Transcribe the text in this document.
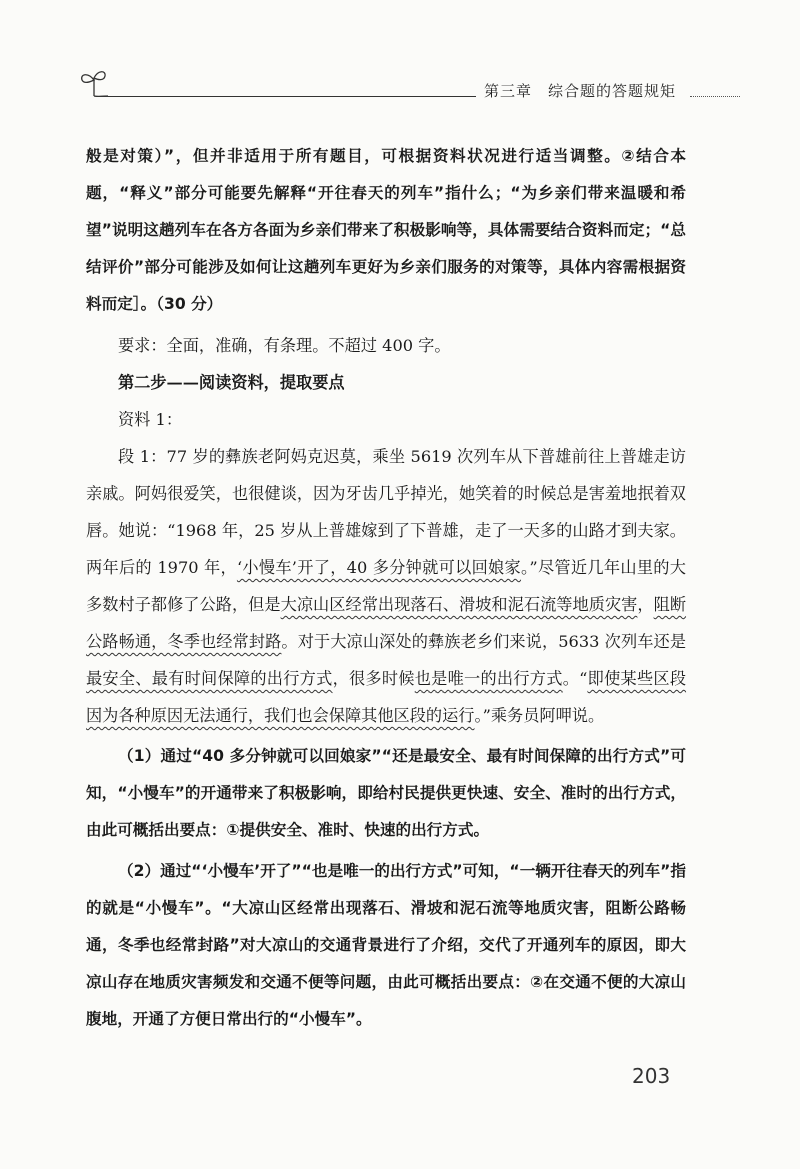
第三章 综合题的答题规矩

般是对策）”，但并非适用于所有题目，可根据资料状况进行适当调整。②结合本题，“释义”部分可能要先解释“开往春天的列车”指什么；“为乡亲们带来温暖和希望”说明这趟列车在各方各面为乡亲们带来了积极影响等，具体需要结合资料而定；“总结评价”部分可能涉及如何让这趟列车更好为乡亲们服务的对策等，具体内容需根据资料而定］。（30 分）

要求：全面，准确，有条理。不超过 400 字。

第二步——阅读资料，提取要点

资料 1：

段 1：77 岁的彝族老阿妈克迟莫，乘坐 5619 次列车从下普雄前往上普雄走访亲戚。阿妈很爱笑，也很健谈，因为牙齿几乎掉光，她笑着的时候总是害羞地抿着双唇。她说：“1968 年，25 岁从上普雄嫁到了下普雄，走了一天多的山路才到夫家。两年后的 1970 年，‘小慢车’开了，40 多分钟就可以回娘家。”尽管近几年山里的大多数村子都修了公路，但是大凉山区经常出现落石、滑坡和泥石流等地质灾害，阻断公路畅通，冬季也经常封路。对于大凉山深处的彝族老乡们来说，5633 次列车还是最安全、最有时间保障的出行方式，很多时候也是唯一的出行方式。“即使某些区段因为各种原因无法通行，我们也会保障其他区段的运行。”乘务员阿呷说。

（1）通过“40 多分钟就可以回娘家”“还是最安全、最有时间保障的出行方式”可知，“小慢车”的开通带来了积极影响，即给村民提供更快速、安全、准时的出行方式，由此可概括出要点：①提供安全、准时、快速的出行方式。

（2）通过“‘小慢车’开了”“也是唯一的出行方式”可知，“一辆开往春天的列车”指的就是“小慢车”。“大凉山区经常出现落石、滑坡和泥石流等地质灾害，阻断公路畅通，冬季也经常封路”对大凉山的交通背景进行了介绍，交代了开通列车的原因，即大凉山存在地质灾害频发和交通不便等问题，由此可概括出要点：②在交通不便的大凉山腹地，开通了方便日常出行的“小慢车”。

203
